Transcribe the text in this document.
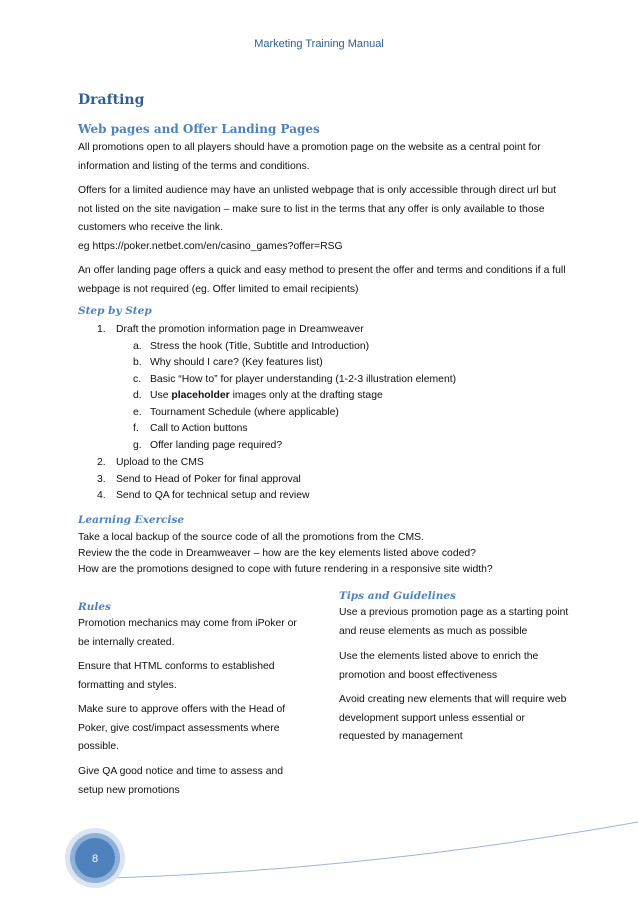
Marketing Training Manual
Drafting
Web pages and Offer Landing Pages
All promotions open to all players should have a promotion page on the website as a central point for information and listing of the terms and conditions.
Offers for a limited audience may have an unlisted webpage that is only accessible through direct url but not listed on the site navigation – make sure to list in the terms that any offer is only available to those customers who receive the link.
eg https://poker.netbet.com/en/casino_games?offer=RSG
An offer landing page offers a quick and easy method to present the offer and terms and conditions if a full webpage is not required (eg. Offer limited to email recipients)
Step by Step
1. Draft the promotion information page in Dreamweaver
a. Stress the hook (Title, Subtitle and Introduction)
b. Why should I care? (Key features list)
c. Basic “How to” for player understanding (1-2-3 illustration element)
d. Use placeholder images only at the drafting stage
e. Tournament Schedule (where applicable)
f. Call to Action buttons
g. Offer landing page required?
2. Upload to the CMS
3. Send to Head of Poker for final approval
4. Send to QA for technical setup and review
Learning Exercise
Take a local backup of the source code of all the promotions from the CMS.
Review the the code in Dreamweaver – how are the key elements listed above coded?
How are the promotions designed to cope with future rendering in a responsive site width?
Rules
Promotion mechanics may come from iPoker or be internally created.
Ensure that HTML conforms to established formatting and styles.
Make sure to approve offers with the Head of Poker, give cost/impact assessments where possible.
Give QA good notice and time to assess and setup new promotions
Tips and Guidelines
Use a previous promotion page as a starting point and reuse elements as much as possible
Use the elements listed above to enrich the promotion and boost effectiveness
Avoid creating new elements that will require web development support unless essential or requested by management
8
